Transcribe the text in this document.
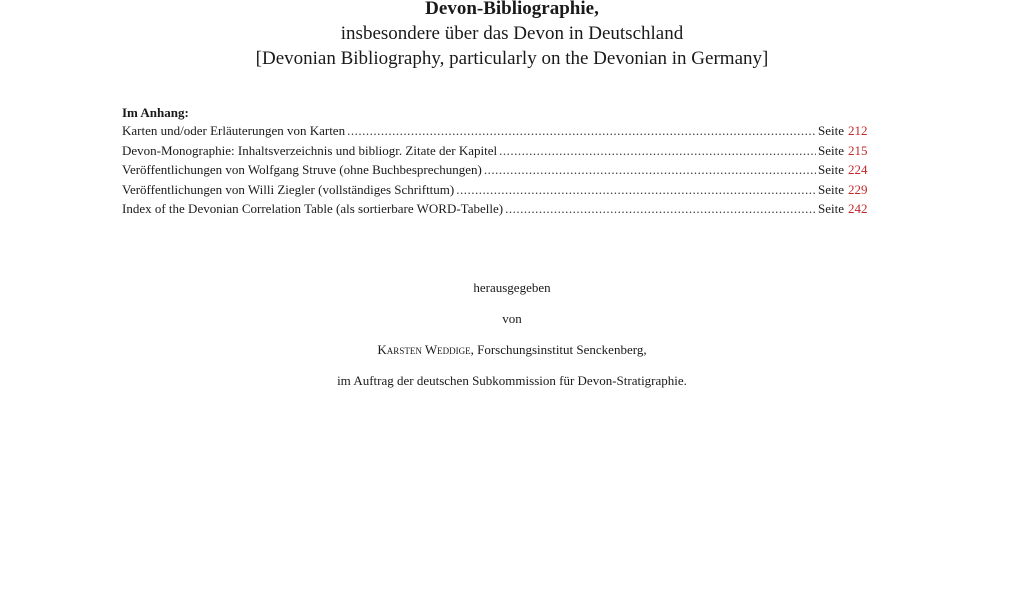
Devon-Bibliographie,
insbesondere über das Devon in Deutschland
[Devonian Bibliography, particularly on the Devonian in Germany]
Im Anhang:
Karten und/oder Erläuterungen von Karten .....	Seite 212
Devon-Monographie: Inhaltsverzeichnis und bibliogr. Zitate der Kapitel .....	Seite 215
Veröffentlichungen von Wolfgang Struve (ohne Buchbesprechungen) .....	Seite 224
Veröffentlichungen von Willi Ziegler (vollständiges Schrifttum) .....	Seite 229
Index of the Devonian Correlation Table (als sortierbare WORD-Tabelle) .....	Seite 242
herausgegeben
von
Karsten Weddige, Forschungsinstitut Senckenberg,
im Auftrag der deutschen Subkommission für Devon-Stratigraphie.
